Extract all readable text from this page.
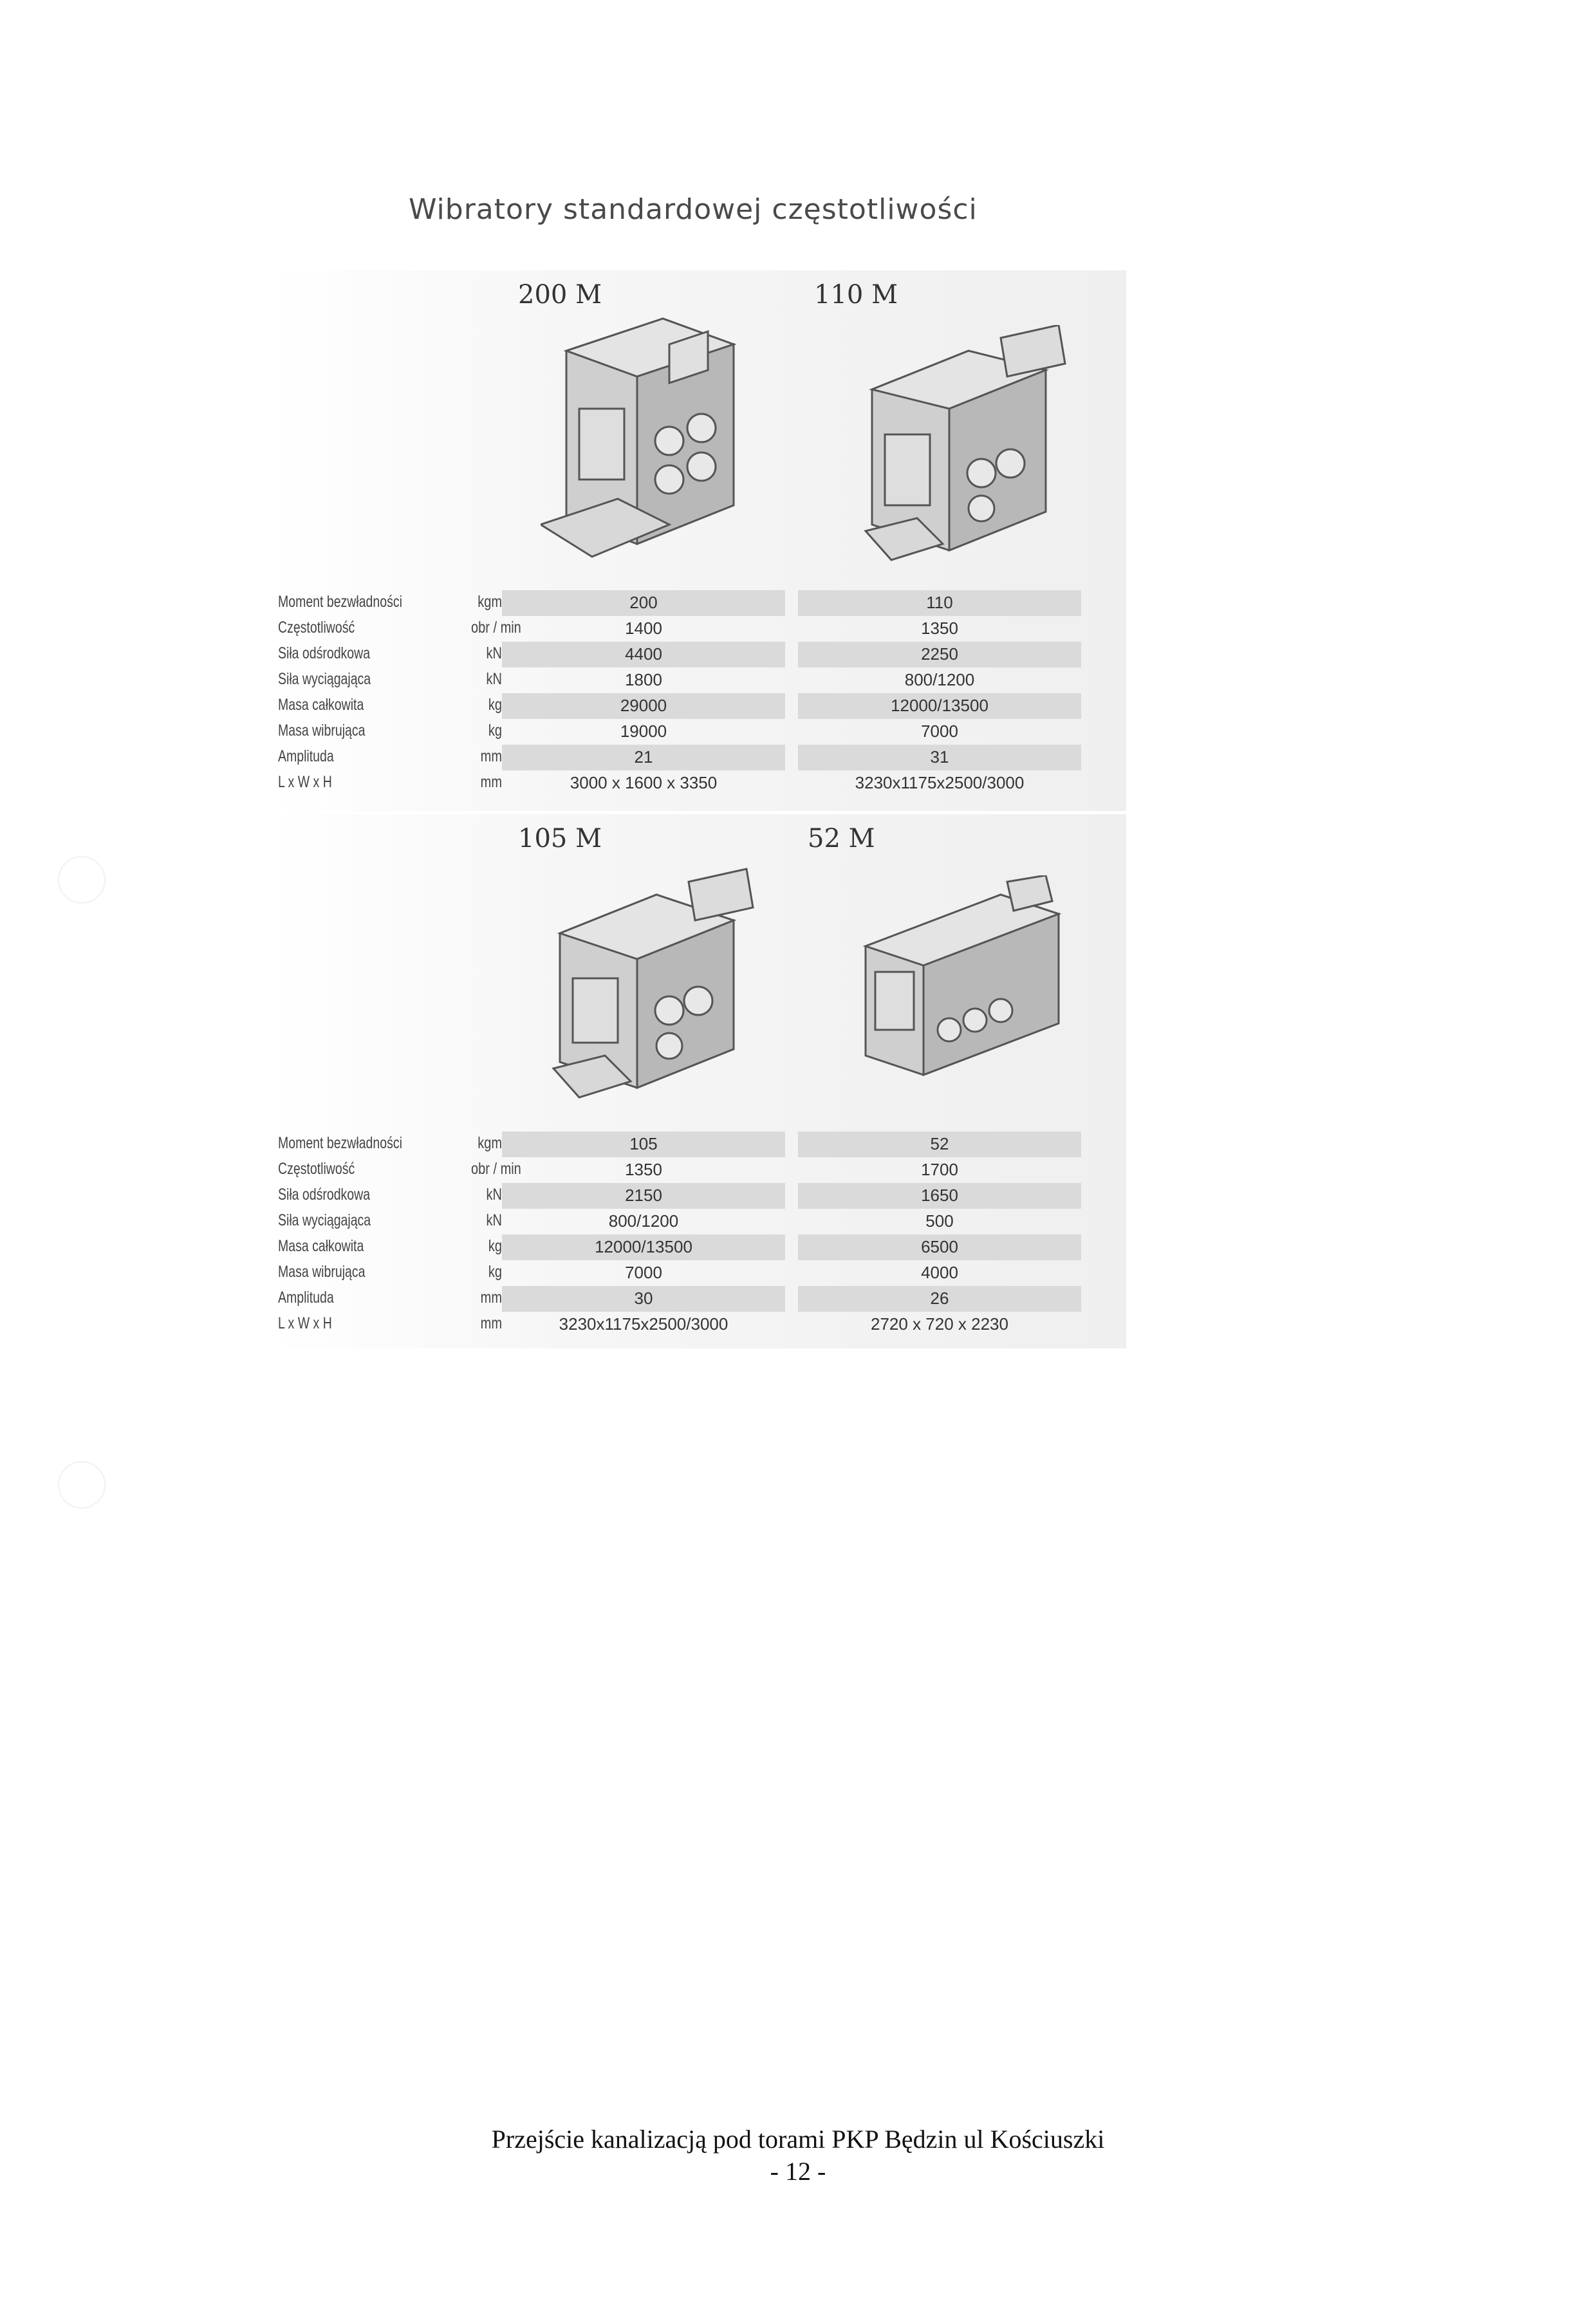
Wibratory standardowej częstotliwości
200 M	110 M
Moment bezwładności	kgm	200	110
Częstotliwość	obr / min	1400	1350
Siła odśrodkowa	kN	4400	2250
Siła wyciągająca	kN	1800	800/1200
Masa całkowita	kg	29000	12000/13500
Masa wibrująca	kg	19000	7000
Amplituda	mm	21	31
L x W x H	mm	3000 x 1600 x 3350	3230x1175x2500/3000
105 M	52 M
Moment bezwładności	kgm	105	52
Częstotliwość	obr / min	1350	1700
Siła odśrodkowa	kN	2150	1650
Siła wyciągająca	kN	800/1200	500
Masa całkowita	kg	12000/13500	6500
Masa wibrująca	kg	7000	4000
Amplituda	mm	30	26
L x W x H	mm	3230x1175x2500/3000	2720 x 720 x 2230
Przejście kanalizacją pod torami PKP Będzin ul Kościuszki
- 12 -
